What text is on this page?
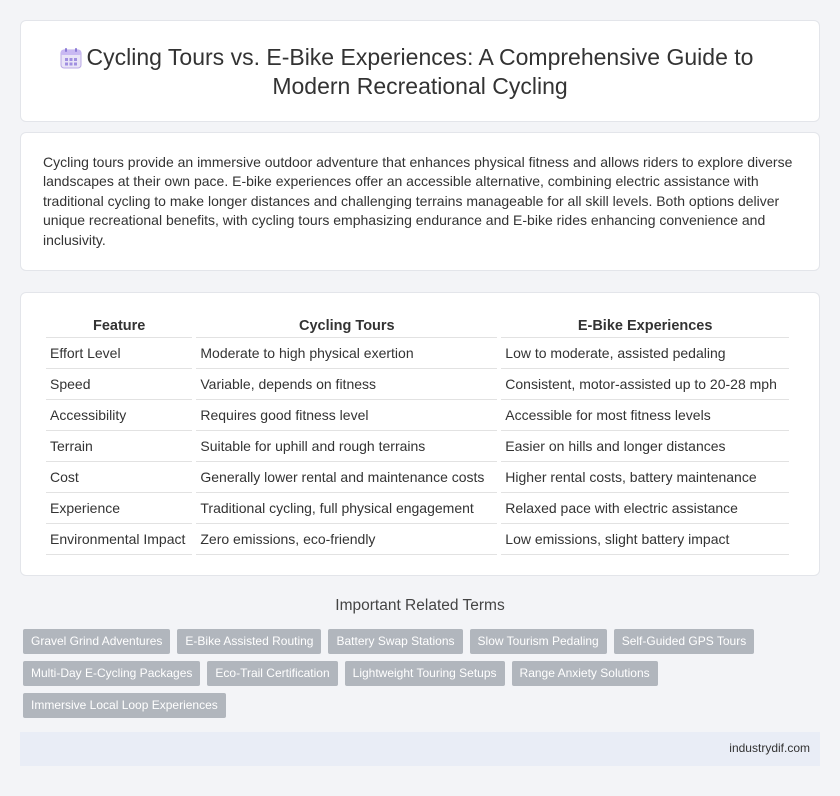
Cycling Tours vs. E-Bike Experiences: A Comprehensive Guide to
Modern Recreational Cycling
Cycling tours provide an immersive outdoor adventure that enhances physical fitness and allows riders to explore diverse landscapes at their own pace. E-bike experiences offer an accessible alternative, combining electric assistance with traditional cycling to make longer distances and challenging terrains manageable for all skill levels. Both options deliver unique recreational benefits, with cycling tours emphasizing endurance and E-bike rides enhancing convenience and inclusivity.
Feature	Cycling Tours	E-Bike Experiences
Effort Level	Moderate to high physical exertion	Low to moderate, assisted pedaling
Speed	Variable, depends on fitness	Consistent, motor-assisted up to 20-28 mph
Accessibility	Requires good fitness level	Accessible for most fitness levels
Terrain	Suitable for uphill and rough terrains	Easier on hills and longer distances
Cost	Generally lower rental and maintenance costs	Higher rental costs, battery maintenance
Experience	Traditional cycling, full physical engagement	Relaxed pace with electric assistance
Environmental Impact	Zero emissions, eco-friendly	Low emissions, slight battery impact
Important Related Terms
Gravel Grind Adventures	E-Bike Assisted Routing	Battery Swap Stations	Slow Tourism Pedaling	Self-Guided GPS Tours
Multi-Day E-Cycling Packages	Eco-Trail Certification	Lightweight Touring Setups	Range Anxiety Solutions
Immersive Local Loop Experiences
industrydif.com
